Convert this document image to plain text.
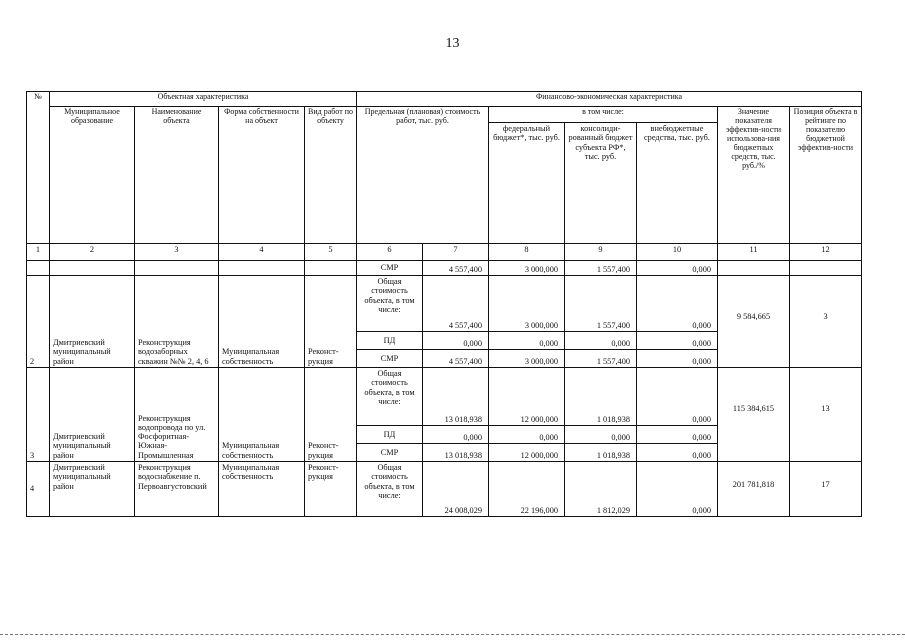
13
№	Объектная характеристика				Финансово-экономическая характеристика						
	Муниципальное образование	Наименование объекта	Форма собственности на объект	Вид работ по объекту	Предельная (плановая) стоимость работ, тыс. руб.		в том числе:			Значение показателя эффектив-ности использова-ния бюджетных средств, тыс. руб./%	Позиция объекта в рейтинге по показателю бюджетной эффектив-ности
							федеральный бюджет*, тыс. руб.	консолиди-рованный бюджет субъекта РФ*, тыс. руб.	внебюджетные средства, тыс. руб.		
1	2	3	4	5	6	7	8	9	10	11	12
					СМР	4 557,400	3 000,000	1 557,400	0,000		
2	Дмитриевский муниципальный район	Реконструкция водозаборных скважин №№ 2, 4, 6	Муниципальная собственность	Реконст-рукция	Общая стоимость объекта, в том числе:	4 557,400	3 000,000	1 557,400	0,000	9 584,665	3
					ПД	0,000	0,000	0,000	0,000		
					СМР	4 557,400	3 000,000	1 557,400	0,000		
3	Дмитриевский муниципальный район	Реконструкция водопровода по ул. Фосфоритная-Южная-Промышленная	Муниципальная собственность	Реконст-рукция	Общая стоимость объекта, в том числе:	13 018,938	12 000,000	1 018,938	0,000	115 384,615	13
					ПД	0,000	0,000	0,000	0,000		
					СМР	13 018,938	12 000,000	1 018,938	0,000		
4	Дмитриевский муниципальный район	Реконструкция водоснабжение п. Первоавгустовский	Муниципальная собственность	Реконст-рукция	Общая стоимость объекта, в том числе:	24 008,029	22 196,000	1 812,029	0,000	201 781,818	17
